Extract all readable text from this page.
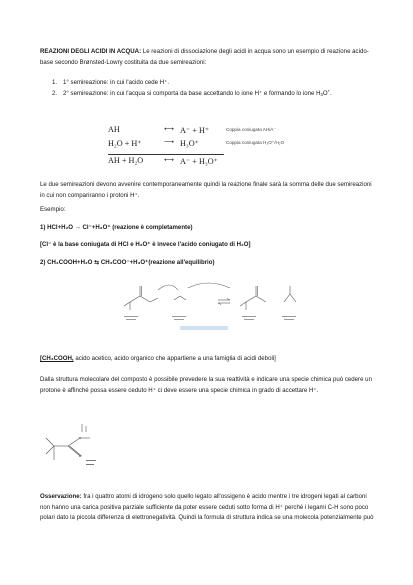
REAZIONI DEGLI ACIDI IN ACQUA: Le reazioni di dissociazione degli acidi in acqua sono un esempio di reazione acido-base secondo Brønsted-Lowry costituita da due semireazioni:

1. 1° semireazione: in cui l'acido cede H⁺.

2. 2° semireazione: in cui l'acqua si comporta da base accettando lo ione H⁺ e formando lo ione $H_3O^+$.

AH	⟷ A⁻ + H⁺	Coppia coniugata AH/A⁻
H₂O + H⁺	⟶ H₃O⁺	Coppia coniugata H₃O⁺/H₂O
AH + H₂O	⟷ A⁻ + H₃O⁺

Le due semireazioni devono avvenire contemporaneamente quindi la reazione finale sarà la somma delle due semireazioni in cui non compariranno i protoni H⁺.

Esempio:

1) HCl+H₂O → Cl⁻+H₃O⁺ (reazione è completamente)

[Cl⁻ è la base coniugata di HCl e H₃O⁺ è invece l'acido coniugato di H₂O]

2) CH₃COOH+H₂O ⇆ CH₃COO⁻+H₃O⁺(reazione all'equilibrio)

[CH₃COOH, acido acetico, acido organico che appartiene a una famiglia di acidi deboli]

Dalla struttura molecolare del composto è possibile prevedere la sua reattività e indicare una specie chimica può cedere un protone è affinché possa essere ceduto H⁺ ci deve essere una specie chimica in grado di accettare H⁺.

Osservazione: fra i quattro atomi di idrogeno solo quello legato all'ossigeno è acido mentre i tre idrogeni legati al carboni non hanno una carica positiva parziale sufficiente da poter essere ceduti sotto forma di H⁺ perché i legami C-H sono poco polari dato la piccola differenza di elettronegatività. Quindi la formula di struttura indica se una molecola potenzialmente può
